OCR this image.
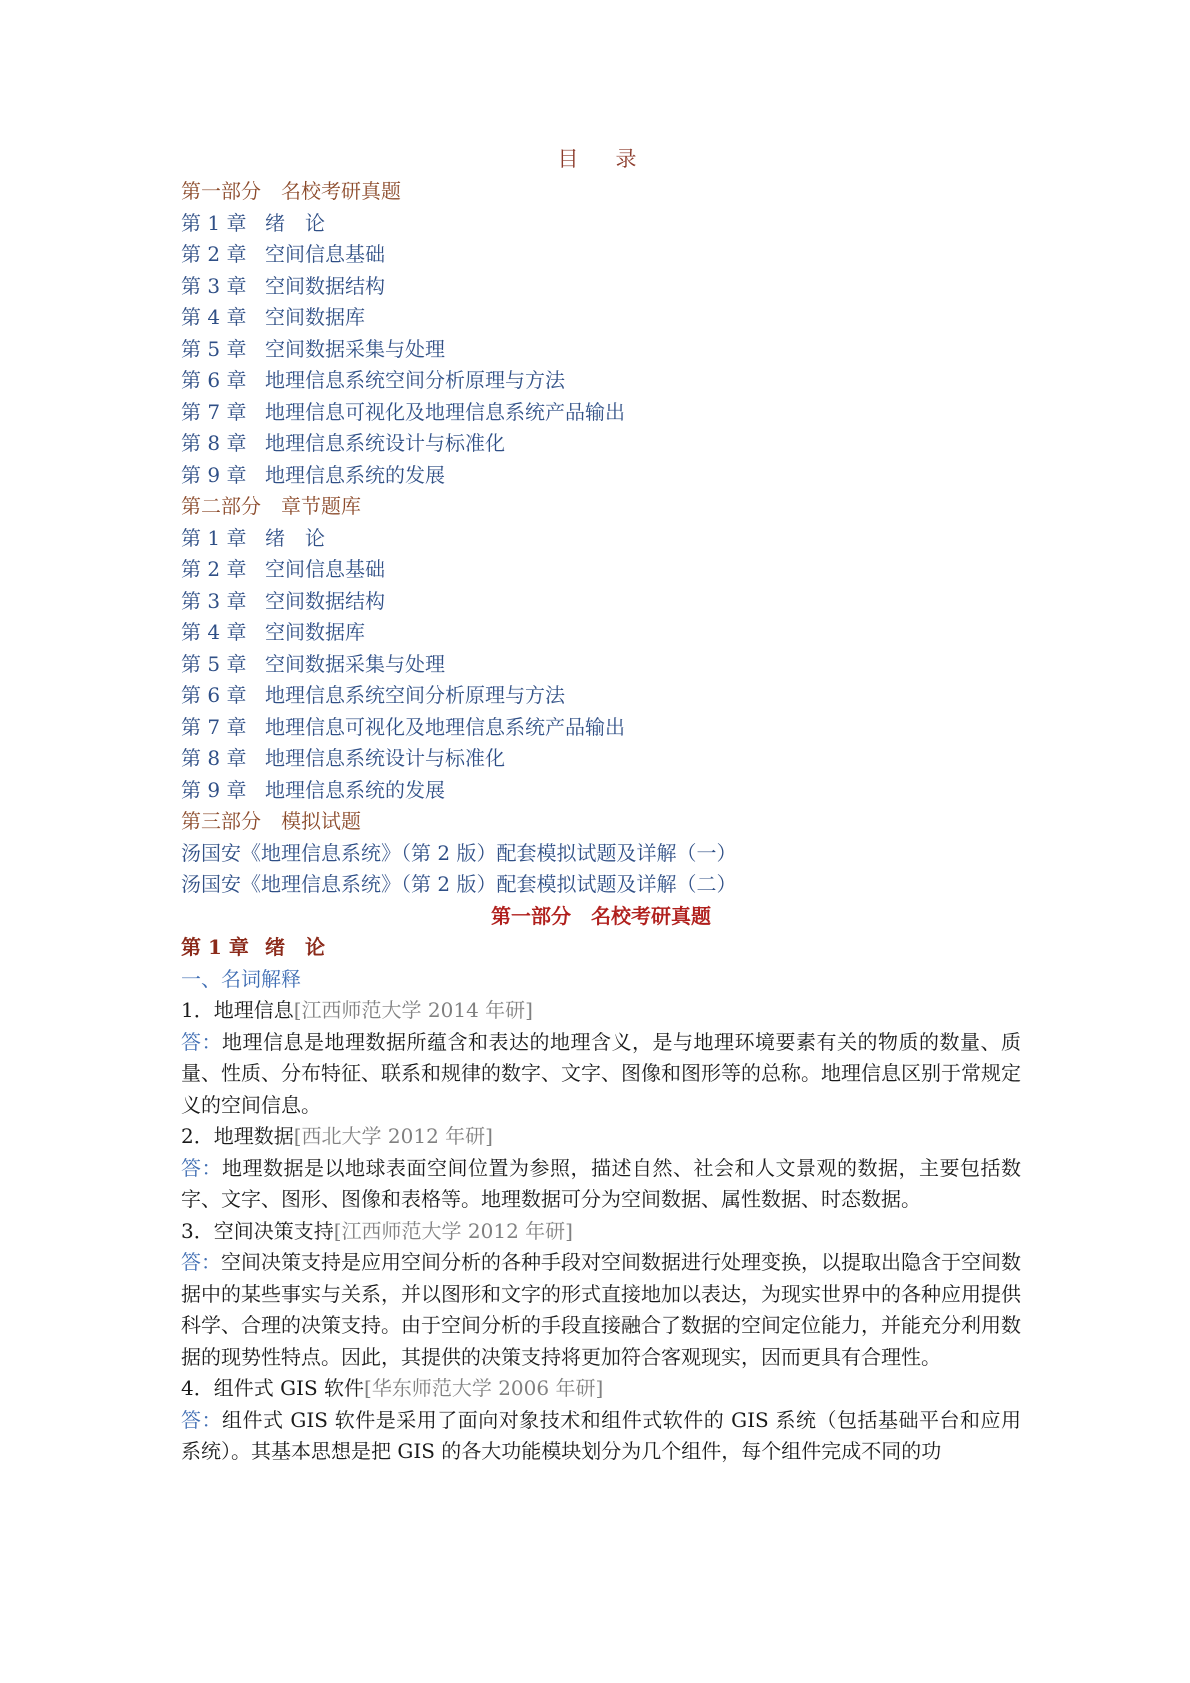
目　录
第一部分　名校考研真题
第 1 章 绪　论
第 2 章 空间信息基础
第 3 章 空间数据结构
第 4 章 空间数据库
第 5 章 空间数据采集与处理
第 6 章 地理信息系统空间分析原理与方法
第 7 章 地理信息可视化及地理信息系统产品输出
第 8 章 地理信息系统设计与标准化
第 9 章 地理信息系统的发展
第二部分　章节题库
第 1 章 绪　论
第 2 章 空间信息基础
第 3 章 空间数据结构
第 4 章 空间数据库
第 5 章 空间数据采集与处理
第 6 章 地理信息系统空间分析原理与方法
第 7 章 地理信息可视化及地理信息系统产品输出
第 8 章 地理信息系统设计与标准化
第 9 章 地理信息系统的发展
第三部分　模拟试题
汤国安《地理信息系统》（第 2 版）配套模拟试题及详解（一）
汤国安《地理信息系统》（第 2 版）配套模拟试题及详解（二）
第一部分　名校考研真题
第 1 章 绪　论
一、名词解释
1．地理信息[江西师范大学 2014 年研]
答：地理信息是地理数据所蕴含和表达的地理含义，是与地理环境要素有关的物质的数量、质量、性质、分布特征、联系和规律的数字、文字、图像和图形等的总称。地理信息区别于常规定义的空间信息。
2．地理数据[西北大学 2012 年研]
答：地理数据是以地球表面空间位置为参照，描述自然、社会和人文景观的数据，主要包括数字、文字、图形、图像和表格等。地理数据可分为空间数据、属性数据、时态数据。
3．空间决策支持[江西师范大学 2012 年研]
答：空间决策支持是应用空间分析的各种手段对空间数据进行处理变换，以提取出隐含于空间数据中的某些事实与关系，并以图形和文字的形式直接地加以表达，为现实世界中的各种应用提供科学、合理的决策支持。由于空间分析的手段直接融合了数据的空间定位能力，并能充分利用数据的现势性特点。因此，其提供的决策支持将更加符合客观现实，因而更具有合理性。
4．组件式 GIS 软件[华东师范大学 2006 年研]
答：组件式 GIS 软件是采用了面向对象技术和组件式软件的 GIS 系统（包括基础平台和应用系统）。其基本思想是把 GIS 的各大功能模块划分为几个组件，每个组件完成不同的功
